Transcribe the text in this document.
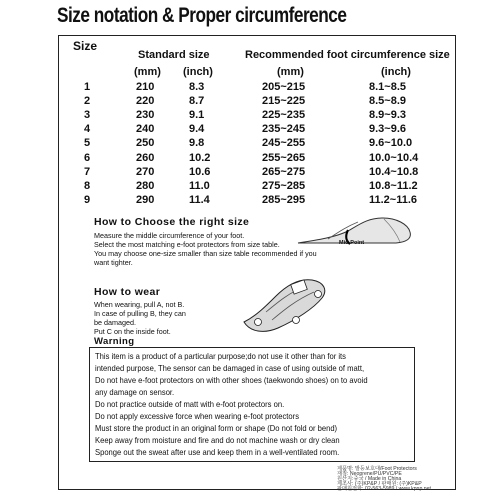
Size notation & Proper circumference
Size
Standard size	Recommended foot circumference size
(mm) (inch)	(mm)	(inch)
1	210	8.3	205~215	8.1~8.5
2	220	8.7	215~225	8.5~8.9
3	230	9.1	225~235	8.9~9.3
4	240	9.4	235~245	9.3~9.6
5	250	9.8	245~255	9.6~10.0
6	260	10.2	255~265	10.0~10.4
7	270	10.6	265~275	10.4~10.8
8	280	11.0	275~285	10.8~11.2
9	290	11.4	285~295	11.2~11.6
How to Choose the right size
Measure the middle circumference of your foot.
Select the most matching e-foot protectors from size table.
You may choose one-size smaller than size table recommended if you
want tighter.
Mid-Point
How to wear
When wearing, pull A, not B.
In case of pulling B, they can
be damaged.
Put C on the inside foot.
Warning
This item is a product of a particular purpose;do not use it other than for its
intended purpose, The sensor can be damaged in case of using outside of matt,
Do not have e-foot protectors on with other shoes (taekwondo shoes) on to avoid
any damage on sensor.
Do not practice outside of matt with e-foot protectors on.
Do not apply excessive force when wearing e-foot protectors
Must store the product in an original form or shape (Do not fold or bend)
Keep away from moisture and fire and do not machine wash or dry clean
Sponge out the sweat after use and keep them in a well-ventilated room.
제품명: 발등보호대/Foot Protectors
재질: Neoprene/PU/PVC/PE
원산지:중국 / Made in China
제조사: (주)KP&P / 판매원: (주)KP&P
판매원전화: 02-563-5989 / www.kpnp.net
